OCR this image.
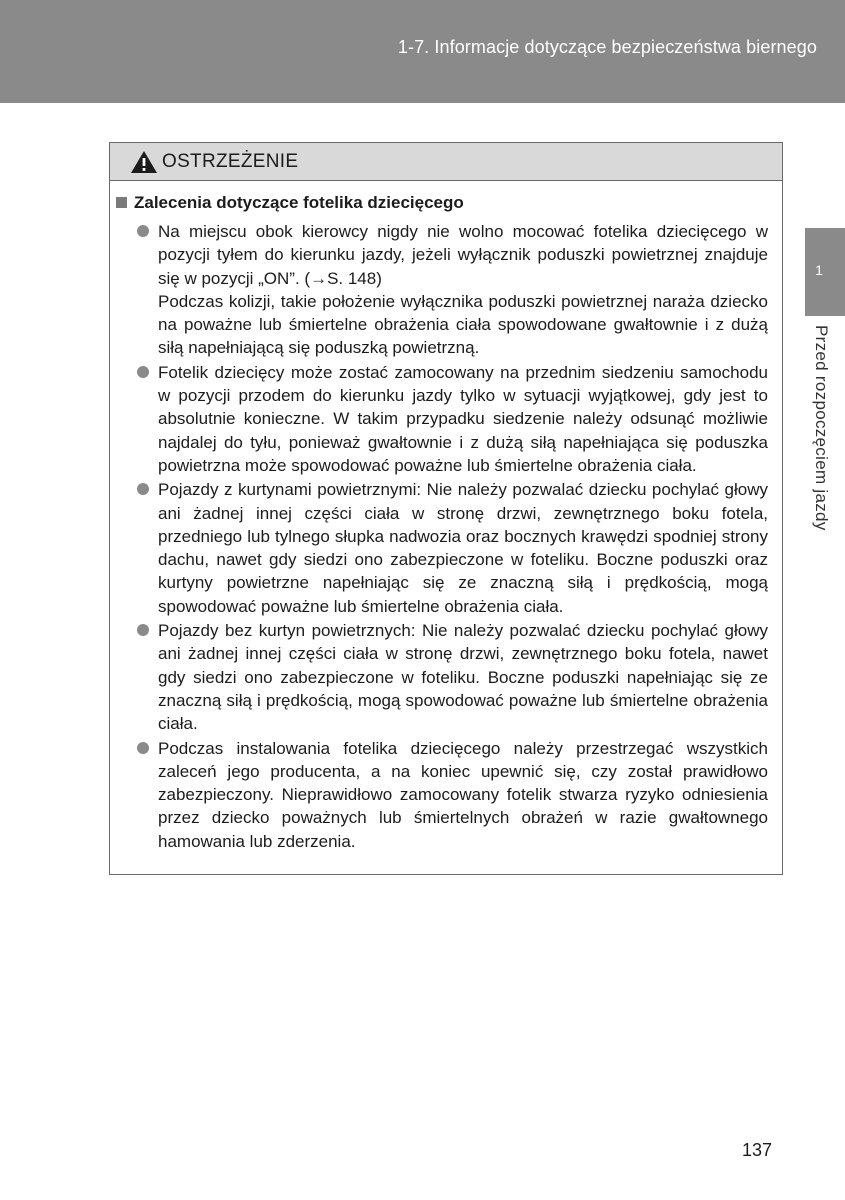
1-7. Informacje dotyczące bezpieczeństwa biernego
1
Przed rozpoczęciem jazdy
OSTRZEŻENIE
Zalecenia dotyczące fotelika dziecięcego

Na miejscu obok kierowcy nigdy nie wolno mocować fotelika dziecięcego w pozycji tyłem do kierunku jazdy, jeżeli wyłącznik poduszki powietrznej znajduje się w pozycji „ON”. (→S. 148)

Podczas kolizji, takie położenie wyłącznika poduszki powietrznej naraża dziecko na poważne lub śmiertelne obrażenia ciała spowodowane gwałtownie i z dużą siłą napełniającą się poduszką powietrzną.

Fotelik dziecięcy może zostać zamocowany na przednim siedzeniu samochodu w pozycji przodem do kierunku jazdy tylko w sytuacji wyjątkowej, gdy jest to absolutnie konieczne. W takim przypadku siedzenie należy odsunąć możliwie najdalej do tyłu, ponieważ gwałtownie i z dużą siłą napełniająca się poduszka powietrzna może spowodować poważne lub śmiertelne obrażenia ciała.

Pojazdy z kurtynami powietrznymi: Nie należy pozwalać dziecku pochylać głowy ani żadnej innej części ciała w stronę drzwi, zewnętrznego boku fotela, przedniego lub tylnego słupka nadwozia oraz bocznych krawędzi spodniej strony dachu, nawet gdy siedzi ono zabezpieczone w foteliku. Boczne poduszki oraz kurtyny powietrzne napełniając się ze znaczną siłą i prędkością, mogą spowodować poważne lub śmiertelne obrażenia ciała.

Pojazdy bez kurtyn powietrznych: Nie należy pozwalać dziecku pochylać głowy ani żadnej innej części ciała w stronę drzwi, zewnętrznego boku fotela, nawet gdy siedzi ono zabezpieczone w foteliku. Boczne poduszki napełniając się ze znaczną siłą i prędkością, mogą spowodować poważne lub śmiertelne obrażenia ciała.

Podczas instalowania fotelika dziecięcego należy przestrzegać wszystkich zaleceń jego producenta, a na koniec upewnić się, czy został prawidłowo zabezpieczony. Nieprawidłowo zamocowany fotelik stwarza ryzyko odniesienia przez dziecko poważnych lub śmiertelnych obrażeń w razie gwałtownego hamowania lub zderzenia.

137
